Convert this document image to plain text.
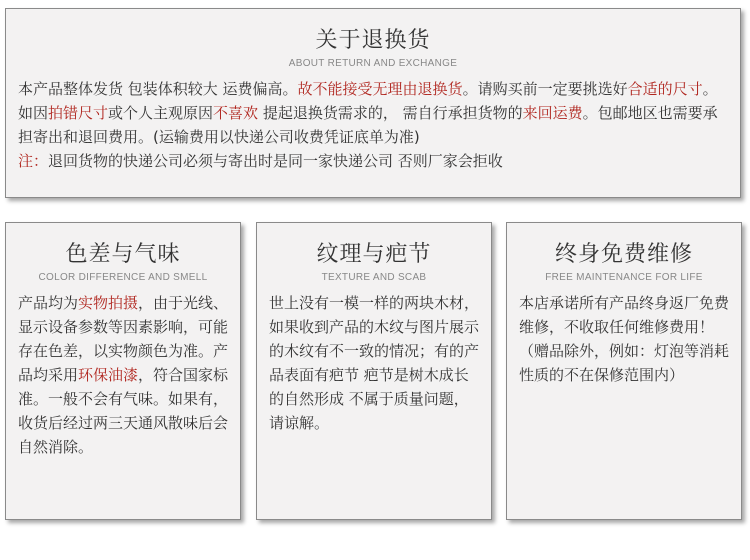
关于退换货
ABOUT RETURN AND EXCHANGE

本产品整体发货 包装体积较大 运费偏高。故不能接受无理由退换货。请购买前一定要挑选好合适的尺寸。如因拍错尺寸或个人主观原因不喜欢 提起退换货需求的， 需自行承担货物的来回运费。包邮地区也需要承担寄出和退回费用。(运输费用以快递公司收费凭证底单为准)

注：退回货物的快递公司必须与寄出时是同一家快递公司 否则厂家会拒收

色差与气味
COLOR DIFFERENCE AND SMELL
产品均为实物拍摄，由于光线、显示设备参数等因素影响，可能存在色差，以实物颜色为准。产品均采用环保油漆，符合国家标准。一般不会有气味。如果有，收货后经过两三天通风散味后会自然消除。
纹理与疤节
TEXTURE AND SCAB
世上没有一模一样的两块木材，如果收到产品的木纹与图片展示的木纹有不一致的情况；有的产品表面有疤节 疤节是树木成长的自然形成 不属于质量问题，请谅解。
终身免费维修
FREE MAINTENANCE FOR LIFE

本店承诺所有产品终身返厂免费维修，不收取任何维修费用！

（赠品除外，例如：灯泡等消耗性质的不在保修范围内）
